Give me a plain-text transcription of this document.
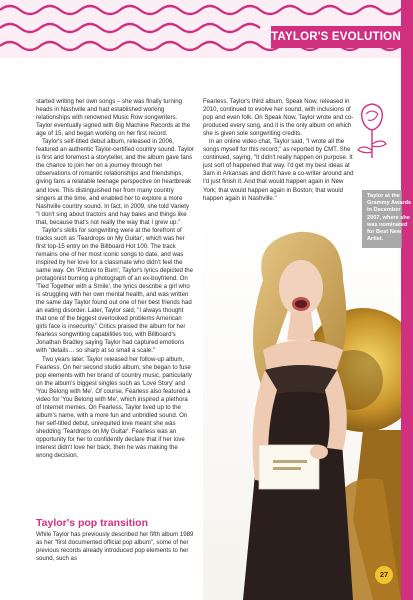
TAYLOR'S EVOLUTION

started writing her own songs – she was finally turning heads in Nashville and had established working relationships with renowned Music Row songwriters. Taylor eventually signed with Big Machine Records at the age of 15, and began working on her first record.

Taylor's self-titled debut album, released in 2006, featured an authentic Taylor-certified country sound. Taylor is first and foremost a storyteller, and the album gave fans the chance to join her on a journey through her observations of romantic relationships and friendships, giving fans a relatable teenage perspective on heartbreak and love. This distinguished her from many country singers at the time, and enabled her to explore a more Nashville country sound. In fact, in 2009, she told Variety "I don't sing about tractors and hay bales and things like that, because that's not really the way that I grew up."

Taylor's skills for songwriting were at the forefront of tracks such as 'Teardrops on My Guitar', which was her first top-15 entry on the Billboard Hot 100. The track remains one of her most iconic songs to date, and was inspired by her love for a classmate who didn't feel the same way. On 'Picture to Burn', Taylor's lyrics depicted the protagonist burning a photograph of an ex-boyfriend. On 'Tied Together with a Smile', the lyrics describe a girl who is struggling with her own mental health, and was written the same day Taylor found out one of her best friends had an eating disorder. Later, Taylor said, "I always thought that one of the biggest overlooked problems American girls face is insecurity." Critics praised the album for her fearless songwriting capabilities too, with Billboard's Jonathan Bradley saying Taylor had captured emotions with "details… so sharp at so small a scale."

Two years later, Taylor released her follow-up album, Fearless. On her second studio album, she began to fuse pop elements with her brand of country music, particularly on the album's biggest singles such as 'Love Story' and 'You Belong with Me'. Of course, Fearless also featured a video for 'You Belong with Me', which inspired a plethora of Internet memes. On Fearless, Taylor lived up to the album's name, with a more fun and unbridled sound. On her self-titled debut, unrequited love meant she was shedding 'Teardrops on My Guitar'. Fearless was an opportunity for her to confidently declare that if her love interest didn't love her back, then he was making the wrong decision.

Taylor's pop transition

While Taylor has previously described her fifth album 1989 as her "first documented official pop album", some of her previous records already introduced pop elements to her sound, such as

Fearless. Taylor's third album, Speak Now, released in 2010, continued to evolve her sound, with inclusions of pop and even folk. On Speak Now, Taylor wrote and co-produced every song, and it is the only album on which she is given sole songwriting credits.

In an online video chat, Taylor said, "I wrote all the songs myself for this record," as reported by CMT. She continued, saying, "It didn't really happen on purpose. It just sort of happened that way. I'd get my best ideas at 3am in Arkansas and didn't have a co-writer around and I'd just finish it. And that would happen again in New York; that would happen again in Boston; that would happen again in Nashville."	Taylor at the Grammy Awards in December 2007, where she was nominated for Best New Artist.
27
